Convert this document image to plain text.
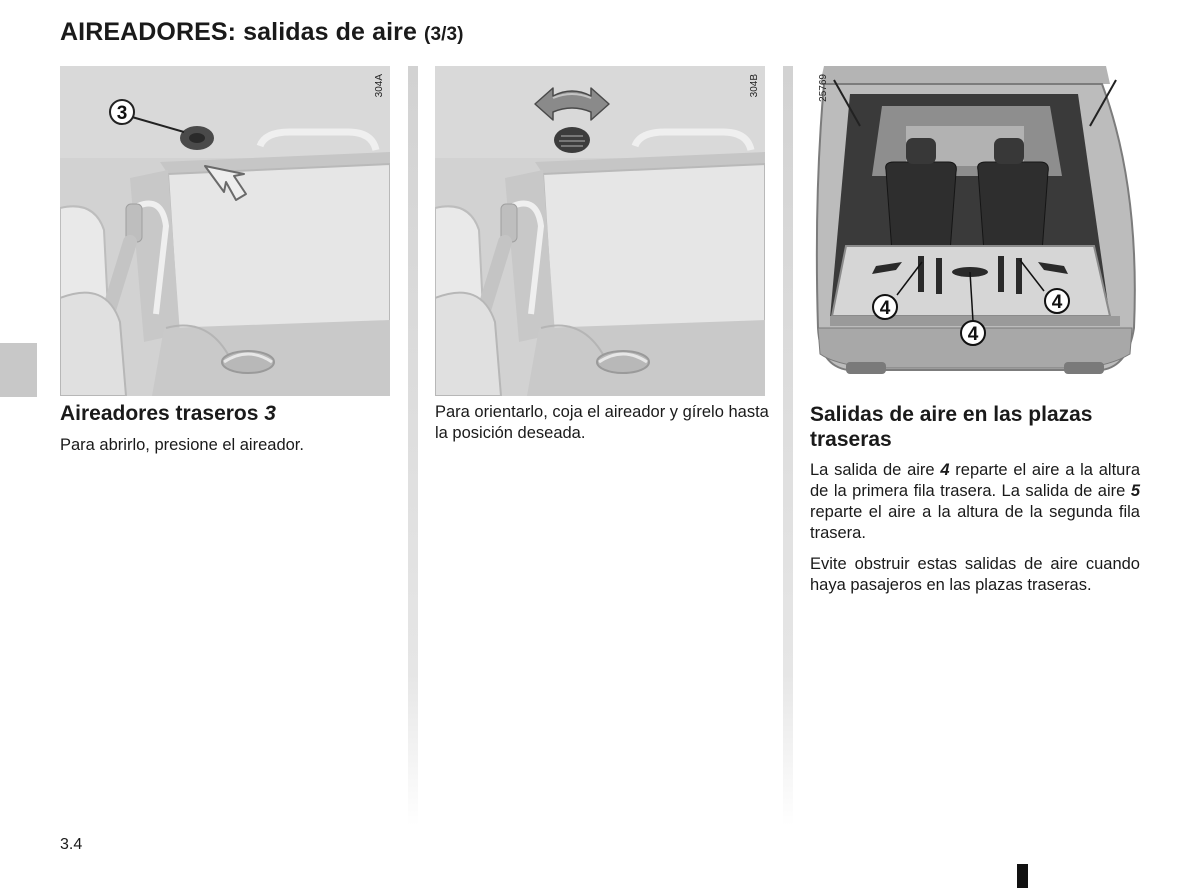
AIREADORES: salidas de aire (3/3)
3
304A	304B
4	4
4
25769
Aireadores traseros 3

Para abrirlo, presione el aireador.

Para orientarlo, coja el aireador y gírelo hasta la posición deseada.

Salidas de aire en las plazas traseras

La salida de aire 4 reparte el aire a la altura de la primera fila trasera. La salida de aire 5 reparte el aire a la altura de la segunda fila trasera.

Evite obstruir estas salidas de aire cuando haya pasajeros en las plazas traseras.

3.4
